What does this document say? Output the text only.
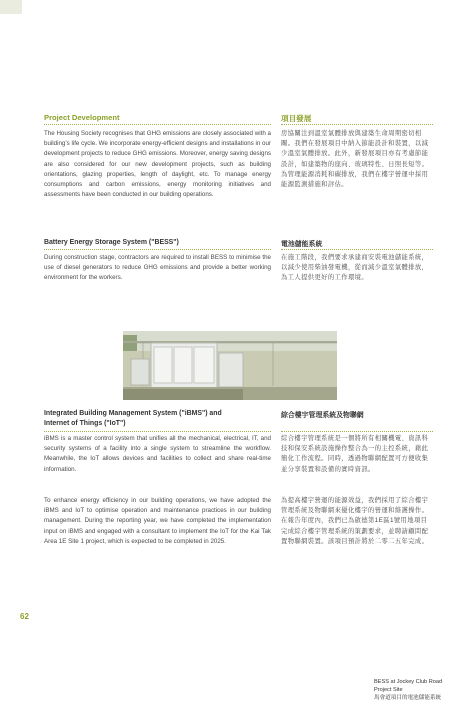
Project Development	項目發展
The Housing Society recognises that GHG emissions are closely associated with a building’s life cycle. We incorporate energy-efficient designs and installations in our development projects to reduce GHG emissions. Moreover, energy saving designs are also considered for our new development projects, such as building orientations, glazing properties, length of daylight, etc. To manage energy consumptions and carbon emissions, energy monitoring initiatives and assessments have been conducted in our building operations.
房協關注到溫室氣體排放與建築生命周期密切相關。我們在發展項目中納入節能設計和裝置，以減少溫室氣體排放。此外，新發展項目亦有考慮節能設計，如建築物的座向、玻璃特性、日照長短等。為管理能源消耗和碳排放，我們在樓宇營運中採用能源監測措施和評估。
Battery Energy Storage System ("BESS")	電池儲能系統
During construction stage, contractors are required to install BESS to minimise the use of diesel generators to reduce GHG emissions and provide a better working environment for the workers.
在施工階段，我們要求承建商安裝電池儲能系統，以減少使用柴油發電機，從而減少溫室氣體排放，為工人提供更好的工作環境。
BESS at Jockey Club Road
Project Site
馬會道項目的電池儲能系統
Integrated Building Management System ("iBMS") and
Internet of Things ("IoT")
綜合樓宇管理系統及物聯網
iBMS is a master control system that unifies all the mechanical, electrical, IT, and security systems of a facility into a single system to streamline the workflow. Meanwhile, the IoT allows devices and facilities to collect and share real-time information.
綜合樓宇管理系統是一個將所有相關機電、資訊科技和保安系統設施操作整合為一的主控系統，藉此簡化工作流程。同時，透過物聯網配置可方便收集並分享裝置和設備的實時資訊。
To enhance energy efficiency in our building operations, we have adopted the iBMS and IoT to optimise operation and maintenance practices in our building management. During the reporting year, we have completed the implementation input on iBMS and engaged with a consultant to implement the IoT for the Kai Tak Area 1E Site 1 project, which is expected to be completed in 2025.
為提高樓宇營運的能源效益，我們採用了綜合樓宇管理系統及物聯網來優化樓宇的營運和維護操作。在報告年度內，我們已為啟德第1E區1號用地項目完成綜合樓宇管理系統的策劃要求，並聘請顧問配置物聯網裝置。該項目預計將於二零二五年完成。
62
